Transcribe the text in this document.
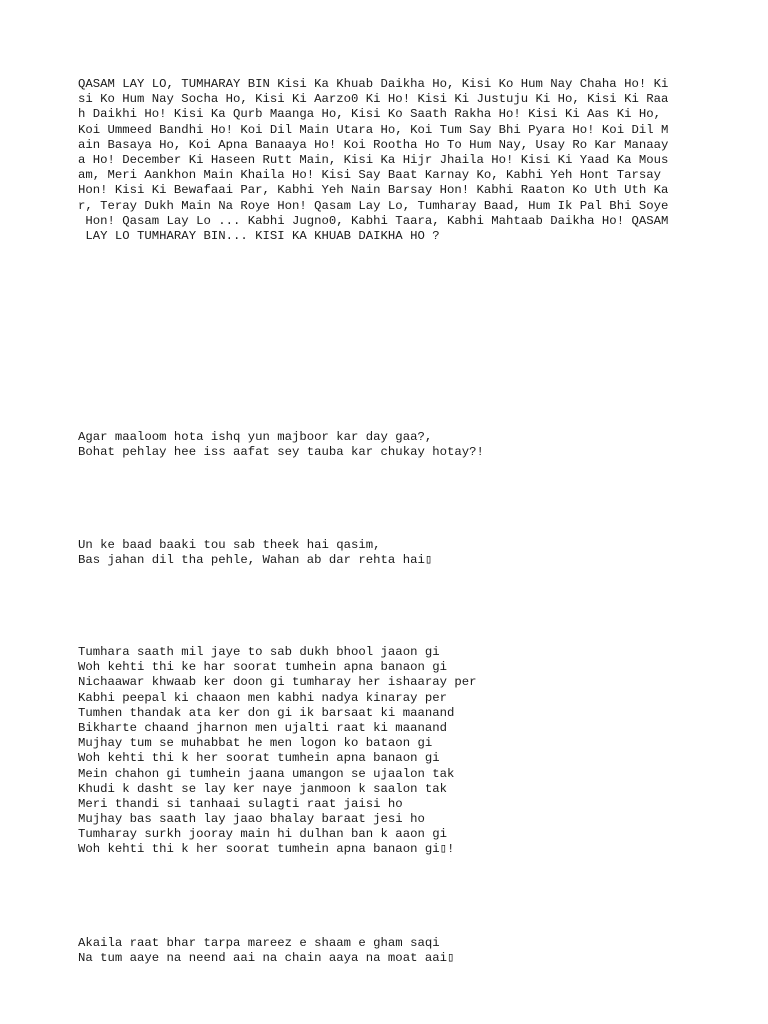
QASAM LAY LO, TUMHARAY BIN Kisi Ka Khuab Daikha Ho, Kisi Ko Hum Nay Chaha Ho! Ki
si Ko Hum Nay Socha Ho, Kisi Ki Aarzo0 Ki Ho! Kisi Ki Justuju Ki Ho, Kisi Ki Raa
h Daikhi Ho! Kisi Ka Qurb Maanga Ho, Kisi Ko Saath Rakha Ho! Kisi Ki Aas Ki Ho,
Koi Ummeed Bandhi Ho! Koi Dil Main Utara Ho, Koi Tum Say Bhi Pyara Ho! Koi Dil M
ain Basaya Ho, Koi Apna Banaaya Ho! Koi Rootha Ho To Hum Nay, Usay Ro Kar Manaay
a Ho! December Ki Haseen Rutt Main, Kisi Ka Hijr Jhaila Ho! Kisi Ki Yaad Ka Mous
am, Meri Aankhon Main Khaila Ho! Kisi Say Baat Karnay Ko, Kabhi Yeh Hont Tarsay
Hon! Kisi Ki Bewafaai Par, Kabhi Yeh Nain Barsay Hon! Kabhi Raaton Ko Uth Uth Ka
r, Teray Dukh Main Na Roye Hon! Qasam Lay Lo, Tumharay Baad, Hum Ik Pal Bhi Soye
Hon! Qasam Lay Lo ... Kabhi Jugno0, Kabhi Taara, Kabhi Mahtaab Daikha Ho! QASAM
LAY LO TUMHARAY BIN... KISI KA KHUAB DAIKHA HO ?
Agar maaloom hota ishq yun majboor kar day gaa?,
Bohat pehlay hee iss aafat sey tauba kar chukay hotay?!
Un ke baad baaki tou sab theek hai qasim,
Bas jahan dil tha pehle, Wahan ab dar rehta hai▯
Tumhara saath mil jaye to sab dukh bhool jaaon gi
Woh kehti thi ke har soorat tumhein apna banaon gi
Nichaawar khwaab ker doon gi tumharay her ishaaray per
Kabhi peepal ki chaaon men kabhi nadya kinaray per
Tumhen thandak ata ker don gi ik barsaat ki maanand
Bikharte chaand jharnon men ujalti raat ki maanand
Mujhay tum se muhabbat he men logon ko bataon gi
Woh kehti thi k her soorat tumhein apna banaon gi
Mein chahon gi tumhein jaana umangon se ujaalon tak
Khudi k dasht se lay ker naye janmoon k saalon tak
Meri thandi si tanhaai sulagti raat jaisi ho
Mujhay bas saath lay jaao bhalay baraat jesi ho
Tumharay surkh jooray main hi dulhan ban k aaon gi
Woh kehti thi k her soorat tumhein apna banaon gi▯!
Akaila raat bhar tarpa mareez e shaam e gham saqi
Na tum aaye na neend aai na chain aaya na moat aai▯
